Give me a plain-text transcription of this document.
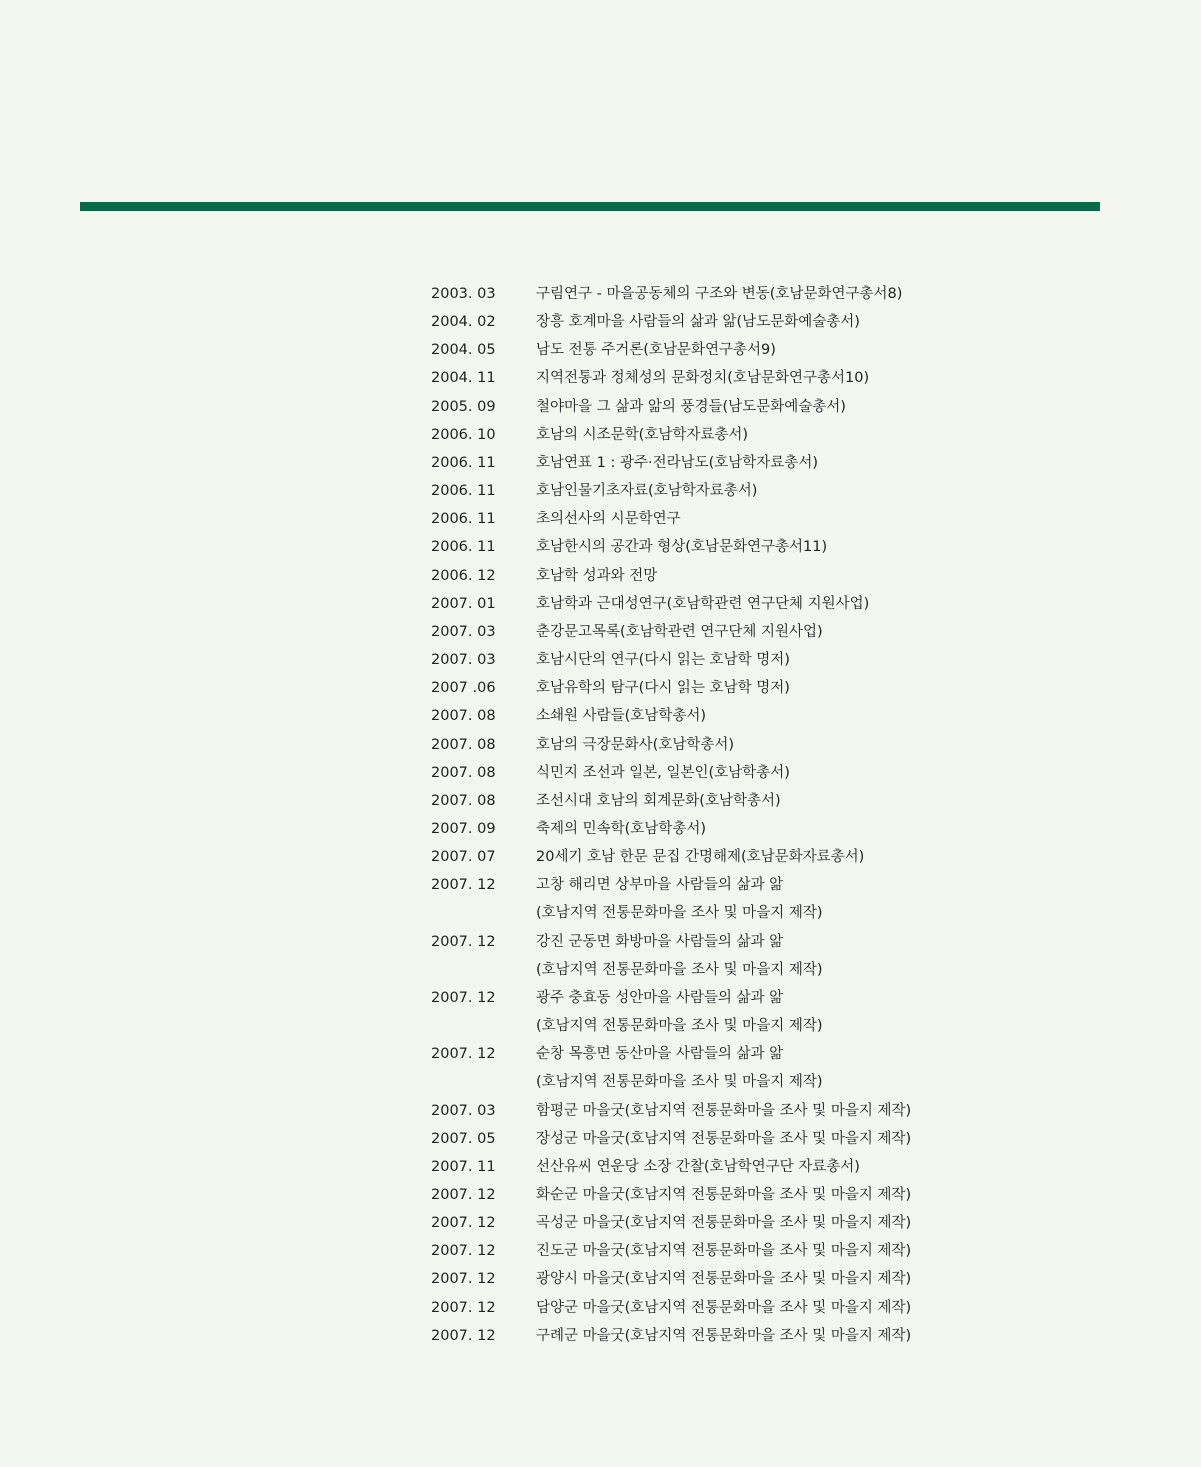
2003. 03	구림연구 - 마을공동체의 구조와 변동(호남문화연구총서8)
2004. 02	장흥 호계마을 사람들의 삶과 앎(남도문화예술총서)
2004. 05	남도 전통 주거론(호남문화연구총서9)
2004. 11	지역전통과 정체성의 문화정치(호남문화연구총서10)
2005. 09	철야마을 그 삶과 앎의 풍경들(남도문화예술총서)
2006. 10	호남의 시조문학(호남학자료총서)
2006. 11	호남연표 1 : 광주·전라남도(호남학자료총서)
2006. 11	호남인물기초자료(호남학자료총서)
2006. 11	초의선사의 시문학연구
2006. 11	호남한시의 공간과 형상(호남문화연구총서11)
2006. 12	호남학 성과와 전망
2007. 01	호남학과 근대성연구(호남학관련 연구단체 지원사업)
2007. 03	춘강문고목록(호남학관련 연구단체 지원사업)
2007. 03	호남시단의 연구(다시 읽는 호남학 명저)
2007 .06	호남유학의 탐구(다시 읽는 호남학 명저)
2007. 08	소쇄원 사람들(호남학총서)
2007. 08	호남의 극장문화사(호남학총서)
2007. 08	식민지 조선과 일본, 일본인(호남학총서)
2007. 08	조선시대 호남의 회계문화(호남학총서)
2007. 09	축제의 민속학(호남학총서)
2007. 07	20세기 호남 한문 문집 간명해제(호남문화자료총서)
2007. 12	고창 해리면 상부마을 사람들의 삶과 앎
(호남지역 전통문화마을 조사 및 마을지 제작)
2007. 12	강진 군동면 화방마을 사람들의 삶과 앎
(호남지역 전통문화마을 조사 및 마을지 제작)
2007. 12	광주 충효동 성안마을 사람들의 삶과 앎
(호남지역 전통문화마을 조사 및 마을지 제작)
2007. 12	순창 목흥면 동산마을 사람들의 삶과 앎
(호남지역 전통문화마을 조사 및 마을지 제작)
2007. 03	함평군 마을굿(호남지역 전통문화마을 조사 및 마을지 제작)
2007. 05	장성군 마을굿(호남지역 전통문화마을 조사 및 마을지 제작)
2007. 11	선산유씨 연운당 소장 간찰(호남학연구단 자료총서)
2007. 12	화순군 마을굿(호남지역 전통문화마을 조사 및 마을지 제작)
2007. 12	곡성군 마을굿(호남지역 전통문화마을 조사 및 마을지 제작)
2007. 12	진도군 마을굿(호남지역 전통문화마을 조사 및 마을지 제작)
2007. 12	광양시 마을굿(호남지역 전통문화마을 조사 및 마을지 제작)
2007. 12	담양군 마을굿(호남지역 전통문화마을 조사 및 마을지 제작)
2007. 12	구례군 마을굿(호남지역 전통문화마을 조사 및 마을지 제작)
